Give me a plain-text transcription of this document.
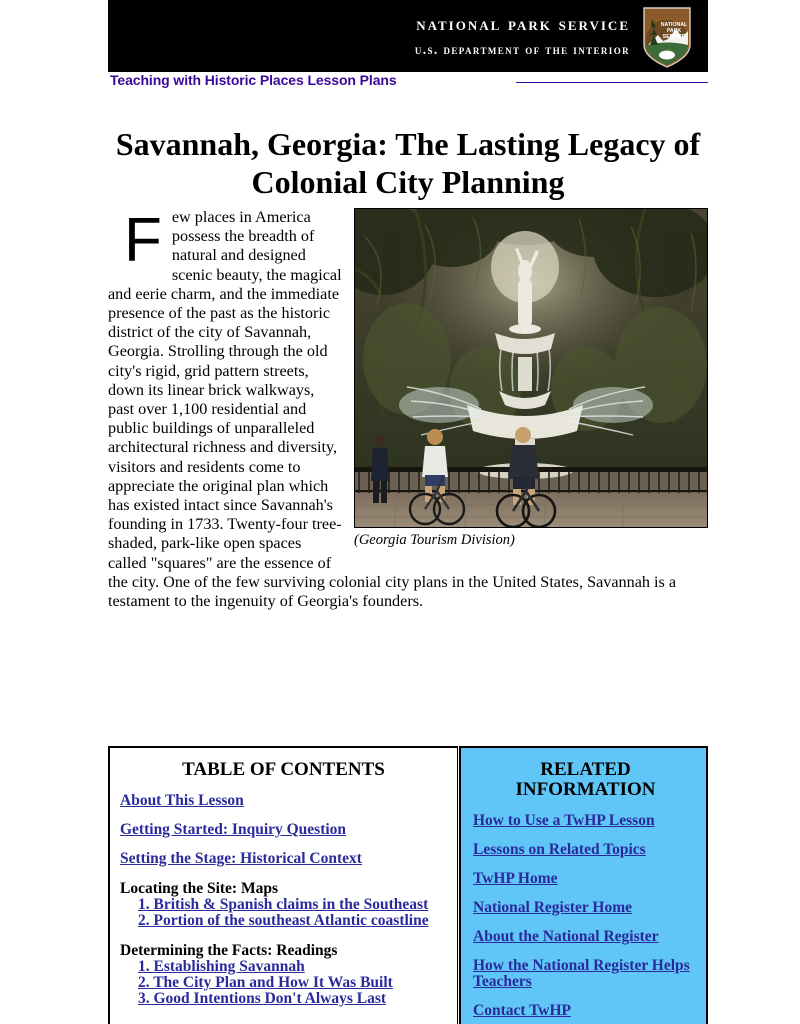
national park service
u.s. department of the interior
NATIONAL
PARK
SERVICE
Teaching with Historic Places Lesson Plans
Savannah, Georgia: The Lasting Legacy of Colonial City Planning
(Georgia Tourism Division)
F ew places in America possess the breadth of natural and designed scenic beauty, the magical and eerie charm, and the immediate presence of the past as the historic district of the city of Savannah, Georgia. Strolling through the old city's rigid, grid pattern streets, down its linear brick walkways, past over 1,100 residential and public buildings of unparalleled architectural richness and diversity, visitors and residents come to appreciate the original plan which has existed intact since Savannah's founding in 1733. Twenty-four tree-shaded, park-like open spaces called "squares" are the essence of the city. One of the few surviving colonial city plans in the United States, Savannah is a testament to the ingenuity of Georgia's founders.

TABLE OF CONTENTS
About This Lesson
Getting Started: Inquiry Question
Setting the Stage: Historical Context
Locating the Site: Maps
1. British & Spanish claims in the Southeast
2. Portion of the southeast Atlantic coastline
Determining the Facts: Readings
1. Establishing Savannah
2. The City Plan and How It Was Built
3. Good Intentions Don't Always Last
RELATED
INFORMATION
How to Use a TwHP Lesson
Lessons on Related Topics
TwHP Home
National Register Home
About the National Register
How the National Register Helps Teachers
Contact TwHP
